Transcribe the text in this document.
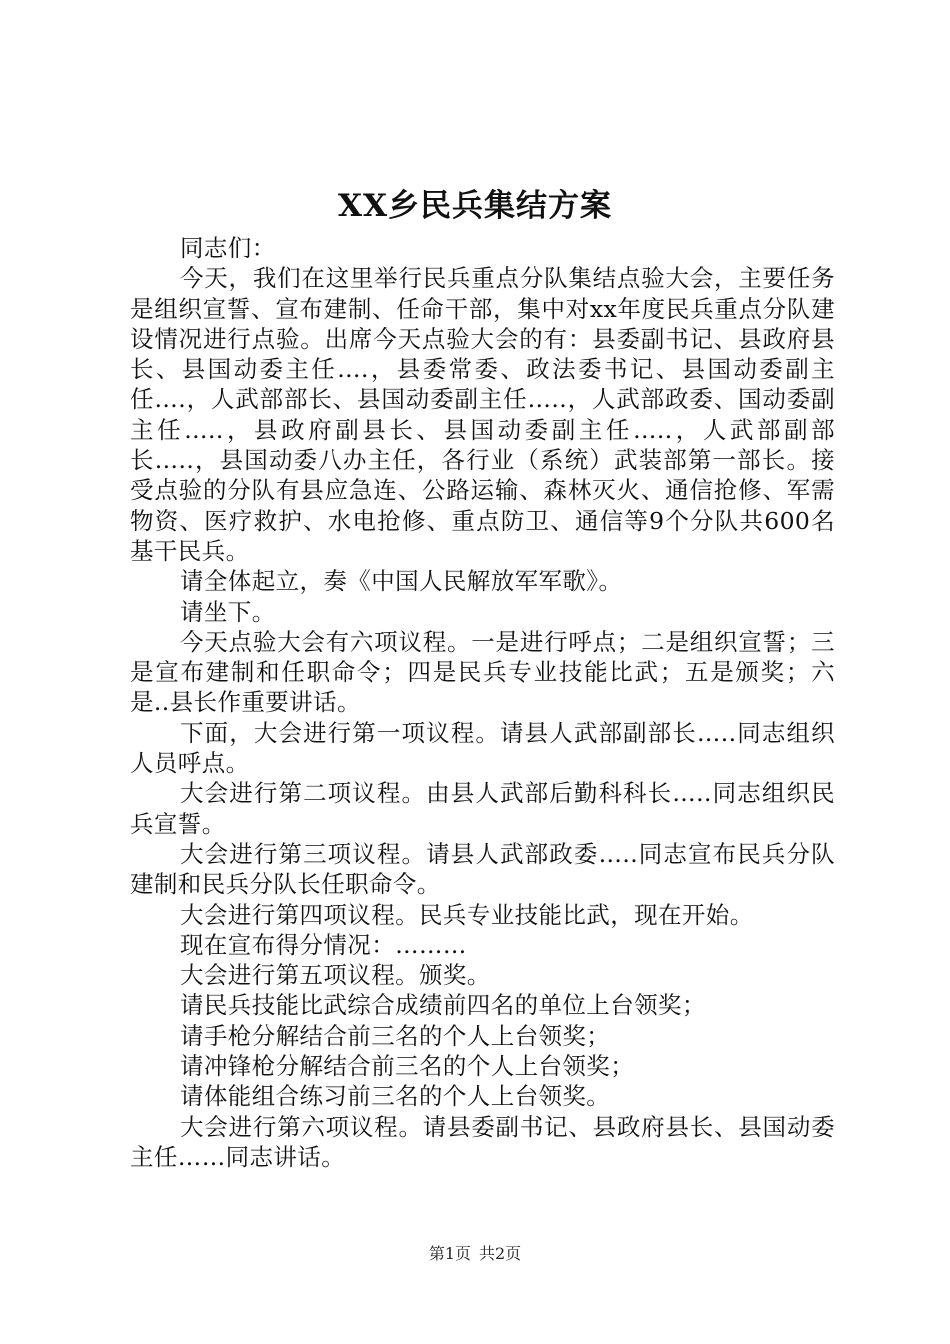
XX乡民兵集结方案

同志们：

今天，我们在这里举行民兵重点分队集结点验大会，主要任务是组织宣誓、宣布建制、任命干部，集中对xx年度民兵重点分队建设情况进行点验。出席今天点验大会的有：县委副书记、县政府县长、县国动委主任….，县委常委、政法委书记、县国动委副主任….，人武部部长、县国动委副主任…..，人武部政委、国动委副主任…..，县政府副县长、县国动委副主任…..，人武部副部长…..，县国动委八办主任，各行业（系统）武装部第一部长。接受点验的分队有县应急连、公路运输、森林灭火、通信抢修、军需物资、医疗救护、水电抢修、重点防卫、通信等9个分队共600名基干民兵。

请全体起立，奏《中国人民解放军军歌》。

请坐下。

今天点验大会有六项议程。一是进行呼点；二是组织宣誓；三是宣布建制和任职命令；四是民兵专业技能比武；五是颁奖；六是..县长作重要讲话。

下面，大会进行第一项议程。请县人武部副部长…..同志组织人员呼点。

大会进行第二项议程。由县人武部后勤科科长…..同志组织民兵宣誓。

大会进行第三项议程。请县人武部政委…..同志宣布民兵分队建制和民兵分队长任职命令。

大会进行第四项议程。民兵专业技能比武，现在开始。

现在宣布得分情况：………

大会进行第五项议程。颁奖。

请民兵技能比武综合成绩前四名的单位上台领奖；

请手枪分解结合前三名的个人上台领奖；

请冲锋枪分解结合前三名的个人上台领奖；

请体能组合练习前三名的个人上台领奖。

大会进行第六项议程。请县委副书记、县政府县长、县国动委主任……同志讲话。

第1页 共2页
